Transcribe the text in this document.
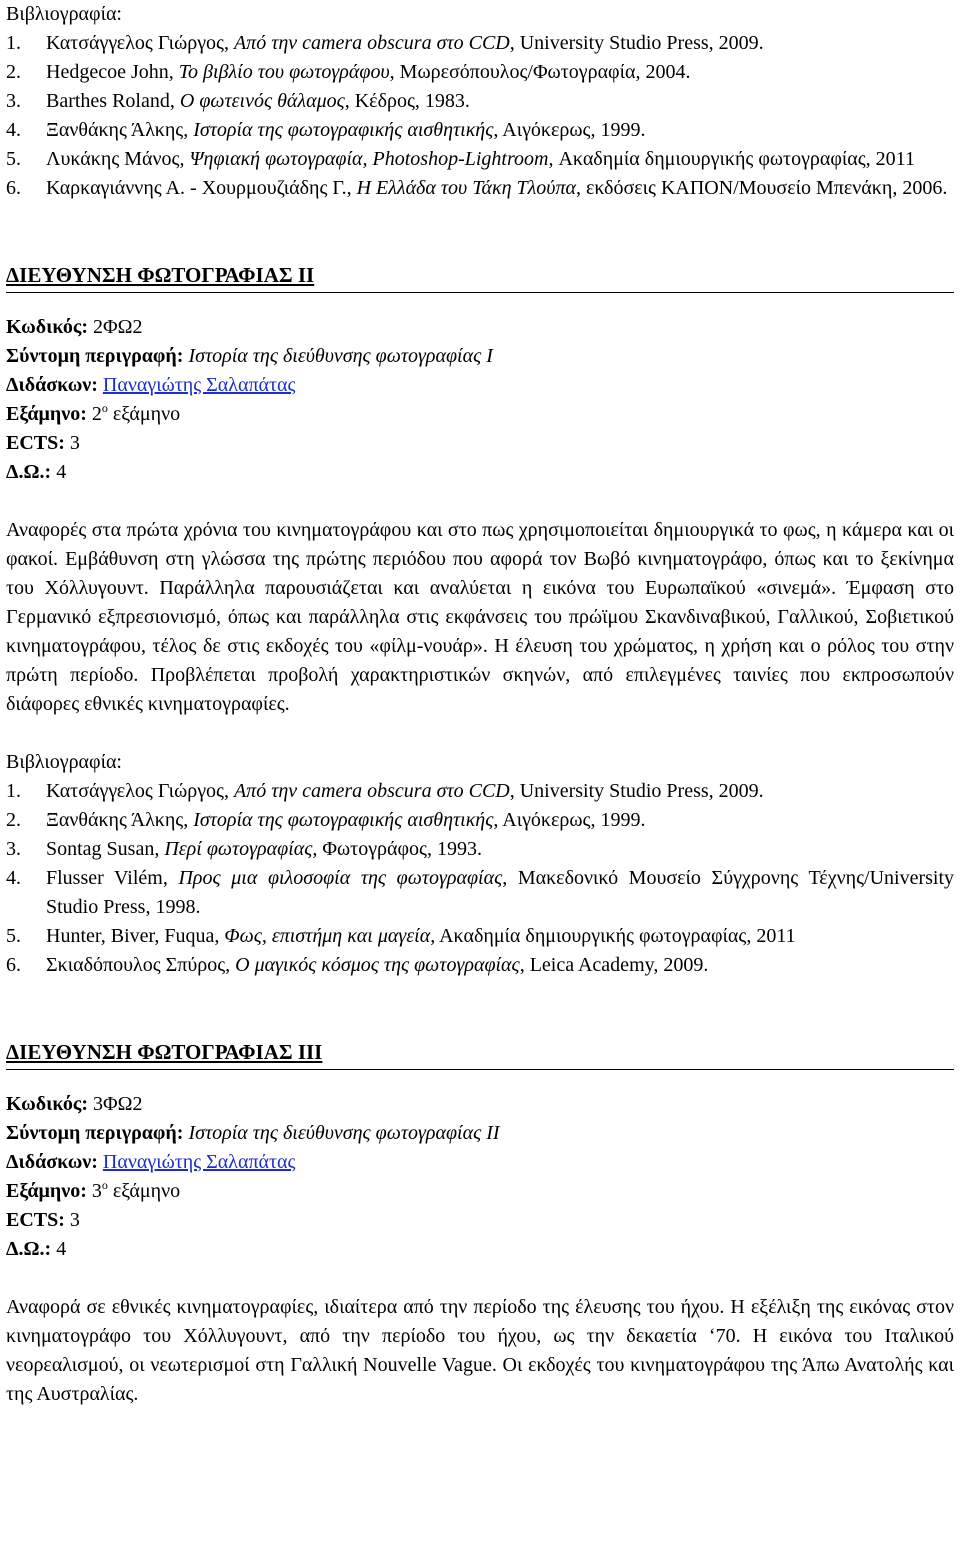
Βιβλιογραφία:

1. Κατσάγγελος Γιώργος, Από την camera obscura στο CCD, University Studio Press, 2009.
2. Hedgecoe John, Το βιβλίο του φωτογράφου, Μωρεσόπουλος/Φωτογραφία, 2004.
3. Barthes Roland, Ο φωτεινός θάλαμος, Κέδρος, 1983.
4. Ξανθάκης Άλκης, Ιστορία της φωτογραφικής αισθητικής, Αιγόκερως, 1999.
5. Λυκάκης Μάνος, Ψηφιακή φωτογραφία, Photoshop-Lightroom, Ακαδημία δημιουργικής φωτογραφίας, 2011
6. Καρκαγιάννης Α. - Χουρμουζιάδης Γ., Η Ελλάδα του Τάκη Τλούπα, εκδόσεις ΚΑΠΟΝ/Μουσείο Μπενάκη, 2006.
ΔΙΕΥΘΥΝΣΗ ΦΩΤΟΓΡΑΦΙΑΣ ΙΙ

Κωδικός: 2ΦΩ2

Σύντομη περιγραφή: Ιστορία της διεύθυνσης φωτογραφίας Ι

Διδάσκων: Παναγιώτης Σαλαπάτας

Εξάμηνο: $2^o$ εξάμηνο

ECTS: 3

Δ.Ω.: 4

Αναφορές στα πρώτα χρόνια του κινηματογράφου και στο πως χρησιμοποιείται δημιουργικά το φως, η κάμερα και οι φακοί. Εμβάθυνση στη γλώσσα της πρώτης περιόδου που αφορά τον Βωβό κινηματογράφο, όπως και το ξεκίνημα του Χόλλυγουντ. Παράλληλα παρουσιάζεται και αναλύεται η εικόνα του Ευρωπαϊκού «σινεμά». Έμφαση στο Γερμανικό εξπρεσιονισμό, όπως και παράλληλα στις εκφάνσεις του πρώϊμου Σκανδιναβικού, Γαλλικού, Σοβιετικού κινηματογράφου, τέλος δε στις εκδοχές του «φίλμ-νουάρ». Η έλευση του χρώματος, η χρήση και ο ρόλος του στην πρώτη περίοδο. Προβλέπεται προβολή χαρακτηριστικών σκηνών, από επιλεγμένες ταινίες που εκπροσωπούν διάφορες εθνικές κινηματογραφίες.

Βιβλιογραφία:

1. Κατσάγγελος Γιώργος, Από την camera obscura στο CCD, University Studio Press, 2009.
2. Ξανθάκης Άλκης, Ιστορία της φωτογραφικής αισθητικής, Αιγόκερως, 1999.
3. Sontag Susan, Περί φωτογραφίας, Φωτογράφος, 1993.
4. Flusser Vilém, Προς μια φιλοσοφία της φωτογραφίας, Μακεδονικό Μουσείο Σύγχρονης Τέχνης/University Studio Press, 1998.
5. Hunter, Biver, Fuqua, Φως, επιστήμη και μαγεία, Ακαδημία δημιουργικής φωτογραφίας, 2011
6. Σκιαδόπουλος Σπύρος, Ο μαγικός κόσμος της φωτογραφίας, Leica Academy, 2009.
ΔΙΕΥΘΥΝΣΗ ΦΩΤΟΓΡΑΦΙΑΣ ΙΙΙ

Κωδικός: 3ΦΩ2

Σύντομη περιγραφή: Ιστορία της διεύθυνσης φωτογραφίας ΙΙ

Διδάσκων: Παναγιώτης Σαλαπάτας

Εξάμηνο: $3^o$ εξάμηνο

ECTS: 3

Δ.Ω.: 4

Αναφορά σε εθνικές κινηματογραφίες, ιδιαίτερα από την περίοδο της έλευσης του ήχου. Η εξέλιξη της εικόνας στον κινηματογράφο του Χόλλυγουντ, από την περίοδο του ήχου, ως την δεκαετία ‘70. Η εικόνα του Ιταλικού νεορεαλισμού, οι νεωτερισμοί στη Γαλλική Nouvelle Vague. Οι εκδοχές του κινηματογράφου της Άπω Ανατολής και της Αυστραλίας.
